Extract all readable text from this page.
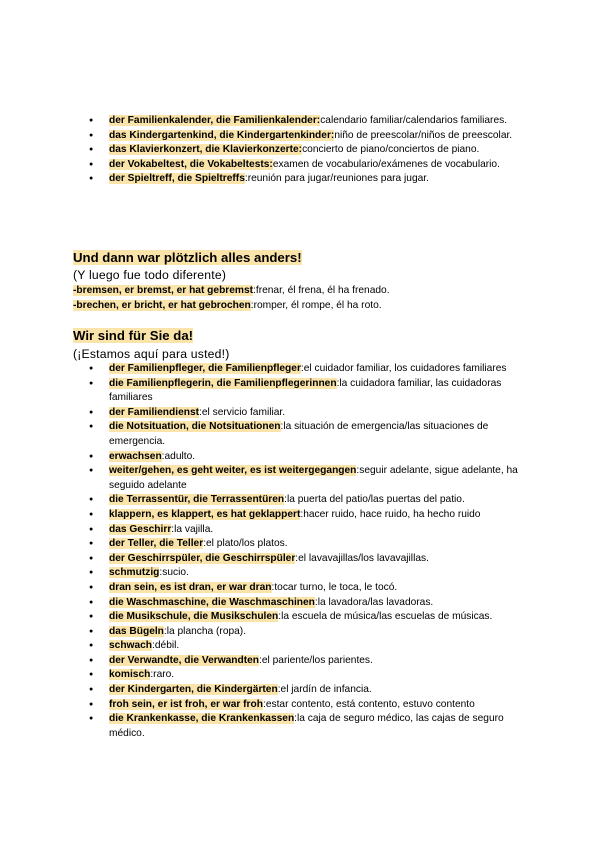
● der Familienkalender, die Familienkalender:calendario familiar/calendarios familiares.
● das Kindergartenkind, die Kindergartenkinder:niño de preescolar/niños de preescolar.
● das Klavierkonzert, die Klavierkonzerte:concierto de piano/conciertos de piano.
● der Vokabeltest, die Vokabeltests:examen de vocabulario/exámenes de vocabulario.
● der Spieltreff, die Spieltreffs:reunión para jugar/reuniones para jugar.
Und dann war plötzlich alles anders!
(Y luego fue todo diferente)
-bremsen, er bremst, er hat gebremst:frenar, él frena, él ha frenado.
-brechen, er bricht, er hat gebrochen:romper, él rompe, él ha roto.
Wir sind für Sie da!
(¡Estamos aquí para usted!)
● der Familienpfleger, die Familienpfleger:el cuidador familiar, los cuidadores familiares
● die Familienpflegerin, die Familienpflegerinnen:la cuidadora familiar, las cuidadoras familiares
● der Familiendienst:el servicio familiar.
● die Notsituation, die Notsituationen:la situación de emergencia/las situaciones de emergencia.
● erwachsen:adulto.
● weiter/gehen, es geht weiter, es ist weitergegangen:seguir adelante, sigue adelante, ha seguido adelante
● die Terrassentür, die Terrassentüren:la puerta del patio/las puertas del patio.
● klappern, es klappert, es hat geklappert:hacer ruido, hace ruido, ha hecho ruido
● das Geschirr:la vajilla.
● der Teller, die Teller:el plato/los platos.
● der Geschirrspüler, die Geschirrspüler:el lavavajillas/los lavavajillas.
● schmutzig:sucio.
● dran sein, es ist dran, er war dran:tocar turno, le toca, le tocó.
● die Waschmaschine, die Waschmaschinen:la lavadora/las lavadoras.
● die Musikschule, die Musikschulen:la escuela de música/las escuelas de músicas.
● das Bügeln:la plancha (ropa).
● schwach:débil.
● der Verwandte, die Verwandten:el pariente/los parientes.
● komisch:raro.
● der Kindergarten, die Kindergärten:el jardín de infancia.
● froh sein, er ist froh, er war froh:estar contento, está contento, estuvo contento
● die Krankenkasse, die Krankenkassen:la caja de seguro médico, las cajas de seguro médico.
